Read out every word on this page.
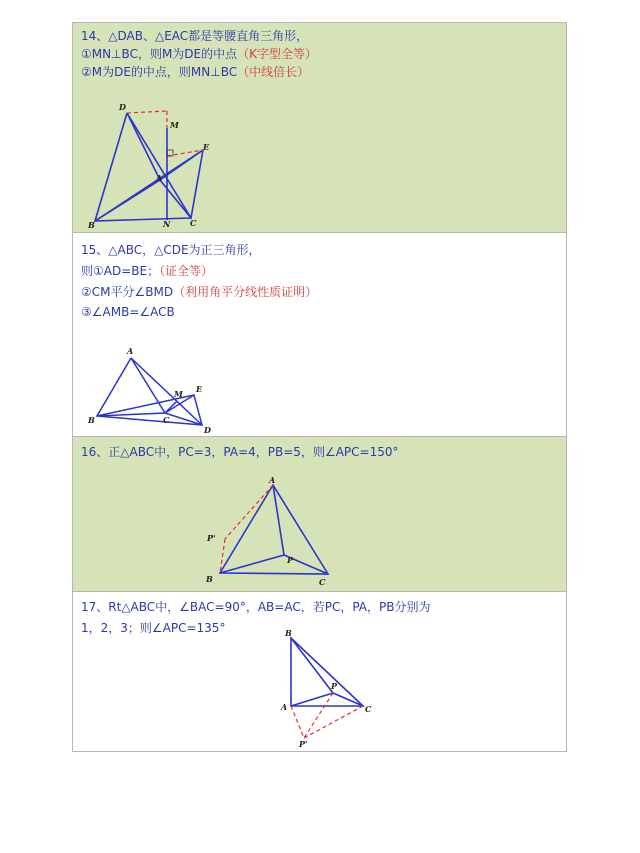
14、△DAB、△EAC都是等腰直角三角形，
①MN⊥BC，则M为DE的中点（K字型全等）
②M为DE的中点，则MN⊥BC（中线倍长）
D
M
E
A
B	N C
15、△ABC，△CDE为正三角形，
则①AD=BE；（证全等）
②CM平分∠BMD（利用角平分线性质证明）
③∠AMB=∠ACB
A
M E
B	C
D
16、正△ABC中，PC=3，PA=4，PB=5，则∠APC=150°
A
P'
P
B	C
17、Rt△ABC中，∠BAC=90°，AB=AC，若PC，PA，PB分别为
1，2，3；则∠APC=135°	B
P
A	C
P'
